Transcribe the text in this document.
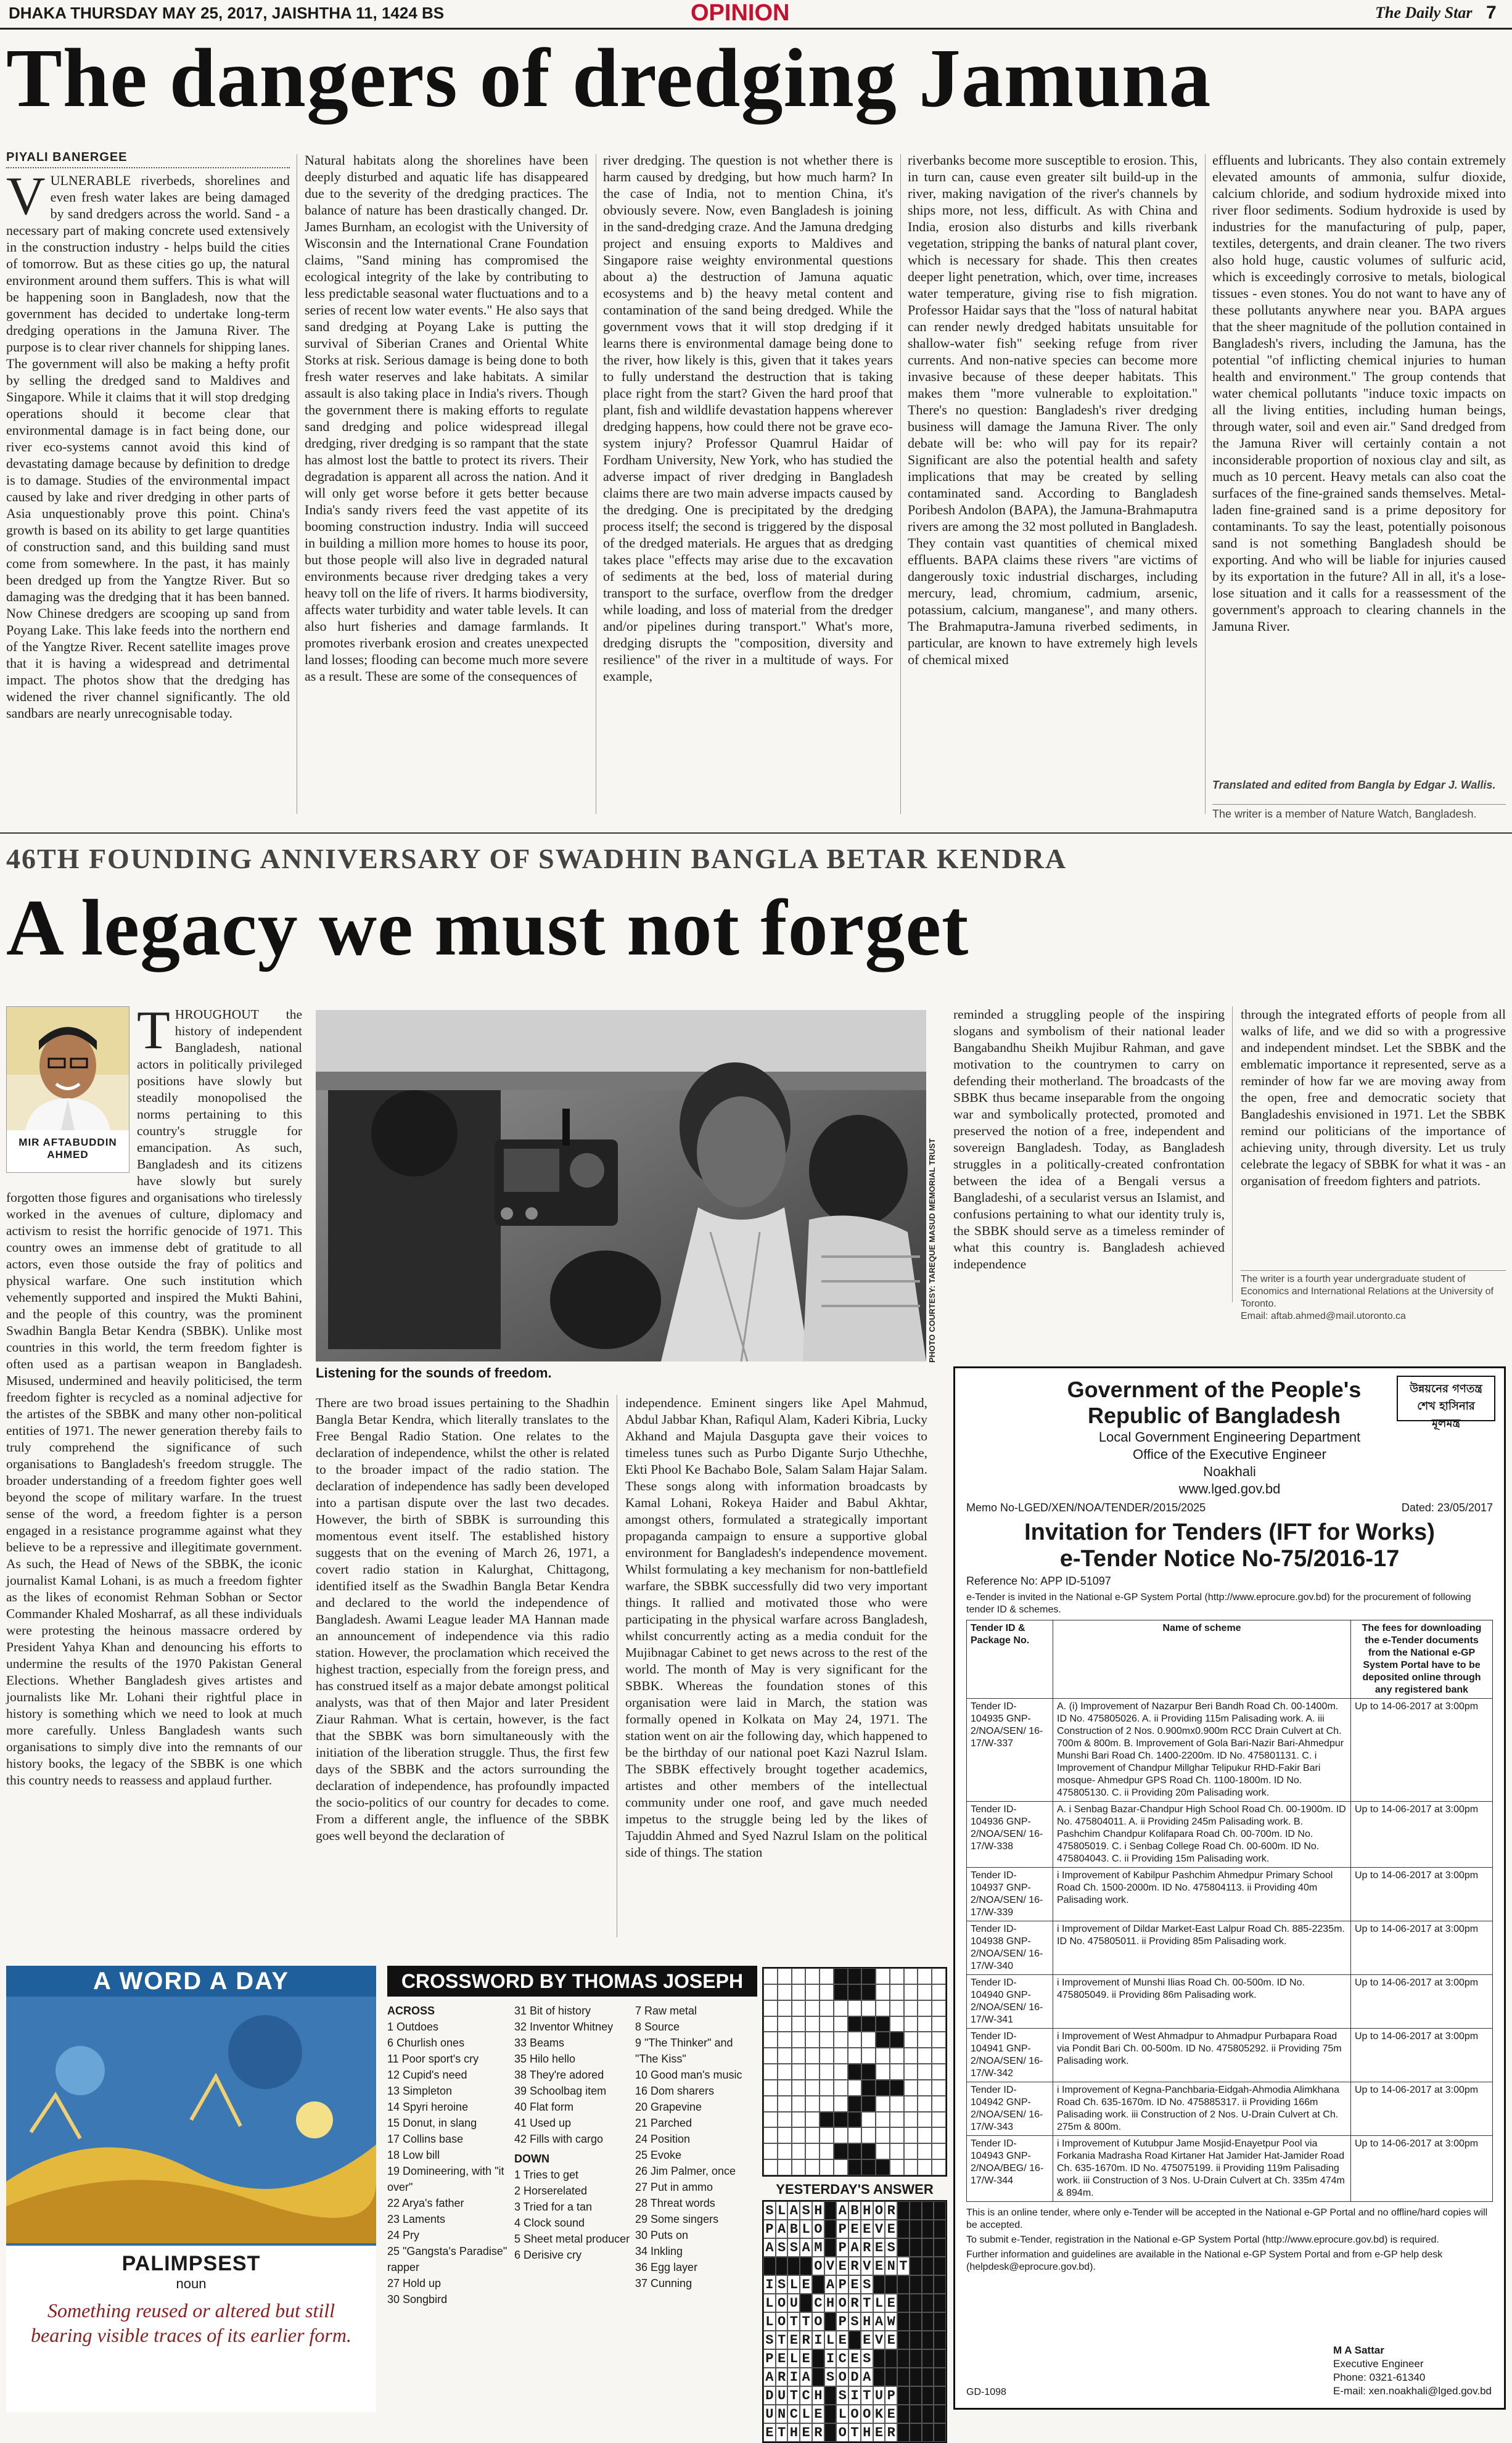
DHAKA THURSDAY MAY 25, 2017, JAISHTHA 11, 1424 BS	OPINION	The Daily Star 7
The dangers of dredging Jamuna
PIYALI BANERGEE
V ULNERABLE riverbeds, shorelines and even fresh water lakes are being damaged by sand dredgers across the world. Sand - a necessary part of making concrete used extensively in the construction industry - helps build the cities of tomorrow. But as these cities go up, the natural environment around them suffers. This is what will be happening soon in Bangladesh, now that the government has decided to undertake long-term dredging operations in the Jamuna River. The purpose is to clear river channels for shipping lanes. The government will also be making a hefty profit by selling the dredged sand to Maldives and Singapore. While it claims that it will stop dredging operations should it become clear that environmental damage is in fact being done, our river eco-systems cannot avoid this kind of devastating damage because by definition to dredge is to damage. Studies of the environmental impact caused by lake and river dredging in other parts of Asia unquestionably prove this point. China's growth is based on its ability to get large quantities of construction sand, and this building sand must come from somewhere. In the past, it has mainly been dredged up from the Yangtze River. But so damaging was the dredging that it has been banned. Now Chinese dredgers are scooping up sand from Poyang Lake. This lake feeds into the northern end of the Yangtze River. Recent satellite images prove that it is having a widespread and detrimental impact. The photos show that the dredging has widened the river channel significantly. The old sandbars are nearly unrecognisable today.
Natural habitats along the shorelines have been deeply disturbed and aquatic life has disappeared due to the severity of the dredging practices. The balance of nature has been drastically changed. Dr. James Burnham, an ecologist with the University of Wisconsin and the International Crane Foundation claims, "Sand mining has compromised the ecological integrity of the lake by contributing to less predictable seasonal water fluctuations and to a series of recent low water events." He also says that sand dredging at Poyang Lake is putting the survival of Siberian Cranes and Oriental White Storks at risk. Serious damage is being done to both fresh water reserves and lake habitats. A similar assault is also taking place in India's rivers. Though the government there is making efforts to regulate sand dredging and police widespread illegal dredging, river dredging is so rampant that the state has almost lost the battle to protect its rivers. Their degradation is apparent all across the nation. And it will only get worse before it gets better because India's sandy rivers feed the vast appetite of its booming construction industry. India will succeed in building a million more homes to house its poor, but those people will also live in degraded natural environments because river dredging takes a very heavy toll on the life of rivers. It harms biodiversity, affects water turbidity and water table levels. It can also hurt fisheries and damage farmlands. It promotes riverbank erosion and creates unexpected land losses; flooding can become much more severe as a result. These are some of the consequences of
river dredging. The question is not whether there is harm caused by dredging, but how much harm? In the case of India, not to mention China, it's obviously severe. Now, even Bangladesh is joining in the sand-dredging craze. And the Jamuna dredging project and ensuing exports to Maldives and Singapore raise weighty environmental questions about a) the destruction of Jamuna aquatic ecosystems and b) the heavy metal content and contamination of the sand being dredged. While the government vows that it will stop dredging if it learns there is environmental damage being done to the river, how likely is this, given that it takes years to fully understand the destruction that is taking place right from the start? Given the hard proof that plant, fish and wildlife devastation happens wherever dredging happens, how could there not be grave eco-system injury? Professor Quamrul Haidar of Fordham University, New York, who has studied the adverse impact of river dredging in Bangladesh claims there are two main adverse impacts caused by the dredging. One is precipitated by the dredging process itself; the second is triggered by the disposal of the dredged materials. He argues that as dredging takes place "effects may arise due to the excavation of sediments at the bed, loss of material during transport to the surface, overflow from the dredger while loading, and loss of material from the dredger and/or pipelines during transport." What's more, dredging disrupts the "composition, diversity and resilience" of the river in a multitude of ways. For example,
riverbanks become more susceptible to erosion. This, in turn can, cause even greater silt build-up in the river, making navigation of the river's channels by ships more, not less, difficult. As with China and India, erosion also disturbs and kills riverbank vegetation, stripping the banks of natural plant cover, which is necessary for shade. This then creates deeper light penetration, which, over time, increases water temperature, giving rise to fish migration. Professor Haidar says that the "loss of natural habitat can render newly dredged habitats unsuitable for shallow-water fish" seeking refuge from river currents. And non-native species can become more invasive because of these deeper habitats. This makes them "more vulnerable to exploitation." There's no question: Bangladesh's river dredging business will damage the Jamuna River. The only debate will be: who will pay for its repair? Significant are also the potential health and safety implications that may be created by selling contaminated sand. According to Bangladesh Poribesh Andolon (BAPA), the Jamuna-Brahmaputra rivers are among the 32 most polluted in Bangladesh. They contain vast quantities of chemical mixed effluents. BAPA claims these rivers "are victims of dangerously toxic industrial discharges, including mercury, lead, chromium, cadmium, arsenic, potassium, calcium, manganese", and many others. The Brahmaputra-Jamuna riverbed sediments, in particular, are known to have extremely high levels of chemical mixed
effluents and lubricants. They also contain extremely elevated amounts of ammonia, sulfur dioxide, calcium chloride, and sodium hydroxide mixed into river floor sediments. Sodium hydroxide is used by industries for the manufacturing of pulp, paper, textiles, detergents, and drain cleaner. The two rivers also hold huge, caustic volumes of sulfuric acid, which is exceedingly corrosive to metals, biological tissues - even stones. You do not want to have any of these pollutants anywhere near you. BAPA argues that the sheer magnitude of the pollution contained in Bangladesh's rivers, including the Jamuna, has the potential "of inflicting chemical injuries to human health and environment." The group contends that water chemical pollutants "induce toxic impacts on all the living entities, including human beings, through water, soil and even air." Sand dredged from the Jamuna River will certainly contain a not inconsiderable proportion of noxious clay and silt, as much as 10 percent. Heavy metals can also coat the surfaces of the fine-grained sands themselves. Metal-laden fine-grained sand is a prime depository for contaminants. To say the least, potentially poisonous sand is not something Bangladesh should be exporting. And who will be liable for injuries caused by its exportation in the future? All in all, it's a lose-lose situation and it calls for a reassessment of the government's approach to clearing channels in the Jamuna River.
Translated and edited from Bangla by Edgar J. Wallis.
The writer is a member of Nature Watch, Bangladesh.
46TH FOUNDING ANNIVERSARY OF SWADHIN BANGLA BETAR KENDRA
A legacy we must not forget
MIR AFTABUDDIN AHMED
THROUGHOUT the history of independent Bangladesh, national actors in politically privileged positions have slowly but steadily monopolised the norms pertaining to this country's struggle for emancipation. As such, Bangladesh and its citizens have slowly but surely forgotten those figures and organisations who tirelessly worked in the avenues of culture, diplomacy and activism to resist the horrific genocide of 1971. This country owes an immense debt of gratitude to all actors, even those outside the fray of politics and physical warfare. One such institution which vehemently supported and inspired the Mukti Bahini, and the people of this country, was the prominent Swadhin Bangla Betar Kendra (SBBK). Unlike most countries in this world, the term freedom fighter is often used as a partisan weapon in Bangladesh. Misused, undermined and heavily politicised, the term freedom fighter is recycled as a nominal adjective for the artistes of the SBBK and many other non-political entities of 1971. The newer generation thereby fails to truly comprehend the significance of such organisations to Bangladesh's freedom struggle. The broader understanding of a freedom fighter goes well beyond the scope of military warfare. In the truest sense of the word, a freedom fighter is a person engaged in a resistance programme against what they believe to be a repressive and illegitimate government. As such, the Head of News of the SBBK, the iconic journalist Kamal Lohani, is as much a freedom fighter as the likes of economist Rehman Sobhan or Sector Commander Khaled Mosharraf, as all these individuals were protesting the heinous massacre ordered by President Yahya Khan and denouncing his efforts to undermine the results of the 1970 Pakistan General Elections. Whether Bangladesh gives artistes and journalists like Mr. Lohani their rightful place in history is something which we need to look at much more carefully. Unless Bangladesh wants such organisations to simply dive into the remnants of our history books, the legacy of the SBBK is one which this country needs to reassess and applaud further.
PHOTO COURTESY: TAREQUE MASUD MEMORIAL TRUST
Listening for the sounds of freedom.
There are two broad issues pertaining to the Shadhin Bangla Betar Kendra, which literally translates to the Free Bengal Radio Station. One relates to the declaration of independence, whilst the other is related to the broader impact of the radio station. The declaration of independence has sadly been developed into a partisan dispute over the last two decades. However, the birth of SBBK is surrounding this momentous event itself. The established history suggests that on the evening of March 26, 1971, a covert radio station in Kalurghat, Chittagong, identified itself as the Swadhin Bangla Betar Kendra and declared to the world the independence of Bangladesh. Awami League leader MA Hannan made an announcement of independence via this radio station. However, the proclamation which received the highest traction, especially from the foreign press, and has construed itself as a major debate amongst political analysts, was that of then Major and later President Ziaur Rahman. What is certain, however, is the fact that the SBBK was born simultaneously with the initiation of the liberation struggle. Thus, the first few days of the SBBK and the actors surrounding the declaration of independence, has profoundly impacted the socio-politics of our country for decades to come. From a different angle, the influence of the SBBK goes well beyond the declaration of
independence. Eminent singers like Apel Mahmud, Abdul Jabbar Khan, Rafiqul Alam, Kaderi Kibria, Lucky Akhand and Majula Dasgupta gave their voices to timeless tunes such as Purbo Digante Surjo Uthechhe, Ekti Phool Ke Bachabo Bole, Salam Salam Hajar Salam. These songs along with information broadcasts by Kamal Lohani, Rokeya Haider and Babul Akhtar, amongst others, formulated a strategically important propaganda campaign to ensure a supportive global environment for Bangladesh's independence movement. Whilst formulating a key mechanism for non-battlefield warfare, the SBBK successfully did two very important things. It rallied and motivated those who were participating in the physical warfare across Bangladesh, whilst concurrently acting as a media conduit for the Mujibnagar Cabinet to get news across to the rest of the world. The month of May is very significant for the SBBK. Whereas the foundation stones of this organisation were laid in March, the station was formally opened in Kolkata on May 24, 1971. The station went on air the following day, which happened to be the birthday of our national poet Kazi Nazrul Islam. The SBBK effectively brought together academics, artistes and other members of the intellectual community under one roof, and gave much needed impetus to the struggle being led by the likes of Tajuddin Ahmed and Syed Nazrul Islam on the political side of things. The station
reminded a struggling people of the inspiring slogans and symbolism of their national leader Bangabandhu Sheikh Mujibur Rahman, and gave motivation to the countrymen to carry on defending their motherland. The broadcasts of the SBBK thus became inseparable from the ongoing war and symbolically protected, promoted and preserved the notion of a free, independent and sovereign Bangladesh. Today, as Bangladesh struggles in a politically-created confrontation between the idea of a Bengali versus a Bangladeshi, of a secularist versus an Islamist, and confusions pertaining to what our identity truly is, the SBBK should serve as a timeless reminder of what this country is. Bangladesh achieved independence
through the integrated efforts of people from all walks of life, and we did so with a progressive and independent mindset. Let the SBBK and the emblematic importance it represented, serve as a reminder of how far we are moving away from the open, free and democratic society that Bangladeshis envisioned in 1971. Let the SBBK remind our politicians of the importance of achieving unity, through diversity. Let us truly celebrate the legacy of SBBK for what it was - an organisation of freedom fighters and patriots.
The writer is a fourth year undergraduate student of Economics and International Relations at the University of Toronto.
Email: aftab.ahmed@mail.utoronto.ca
উন্নয়নের গণতন্ত্র শেখ হাসিনার মূলমন্ত্র
Government of the People's Republic of Bangladesh
Local Government Engineering Department
Office of the Executive Engineer
Noakhali
www.lged.gov.bd
Memo No-LGED/XEN/NOA/TENDER/2015/2025	Dated: 23/05/2017
Invitation for Tenders (IFT for Works)
e-Tender Notice No-75/2016-17
Reference No: APP ID-51097
e-Tender is invited in the National e-GP System Portal (http://www.eprocure.gov.bd) for the procurement of following tender ID & schemes.
Tender ID & Package No.	Name of scheme	The fees for downloading the e-Tender documents from the National e-GP System Portal have to be deposited online through any registered bank
Tender ID-104935 GNP-2/NOA/SEN/ 16-17/W-337	A. (i) Improvement of Nazarpur Beri Bandh Road Ch. 00-1400m. ID No. 475805026. A. ii Providing 115m Palisading work. A. iii Construction of 2 Nos. 0.900mx0.900m RCC Drain Culvert at Ch. 700m & 800m. B. Improvement of Gola Bari-Nazir Bari-Ahmedpur Munshi Bari Road Ch. 1400-2200m. ID No. 475801131. C. i Improvement of Chandpur Millghar Telipukur RHD-Fakir Bari mosque- Ahmedpur GPS Road Ch. 1100-1800m. ID No. 475805130. C. ii Providing 20m Palisading work.	Up to 14-06-2017 at 3:00pm
Tender ID-104936 GNP-2/NOA/SEN/ 16-17/W-338	A. i Senbag Bazar-Chandpur High School Road Ch. 00-1900m. ID No. 475804011. A. ii Providing 245m Palisading work. B. Pashchim Chandpur Kolifapara Road Ch. 00-700m. ID No. 475805019. C. i Senbag College Road Ch. 00-600m. ID No. 475804043. C. ii Providing 15m Palisading work.	Up to 14-06-2017 at 3:00pm
Tender ID-104937 GNP-2/NOA/SEN/ 16-17/W-339	i Improvement of Kabilpur Pashchim Ahmedpur Primary School Road Ch. 1500-2000m. ID No. 475804113. ii Providing 40m Palisading work.	Up to 14-06-2017 at 3:00pm
Tender ID-104938 GNP-2/NOA/SEN/ 16-17/W-340	i Improvement of Dildar Market-East Lalpur Road Ch. 885-2235m. ID No. 475805011. ii Providing 85m Palisading work.	Up to 14-06-2017 at 3:00pm
Tender ID-104940 GNP-2/NOA/SEN/ 16-17/W-341	i Improvement of Munshi Ilias Road Ch. 00-500m. ID No. 475805049. ii Providing 86m Palisading work.	Up to 14-06-2017 at 3:00pm
Tender ID-104941 GNP-2/NOA/SEN/ 16-17/W-342	i Improvement of West Ahmadpur to Ahmadpur Purbapara Road via Pondit Bari Ch. 00-500m. ID No. 475805292. ii Providing 75m Palisading work.	Up to 14-06-2017 at 3:00pm
Tender ID-104942 GNP-2/NOA/SEN/ 16-17/W-343	i Improvement of Kegna-Panchbaria-Eidgah-Ahmodia Alimkhana Road Ch. 635-1670m. ID No. 475885317. ii Providing 166m Palisading work. iii Construction of 2 Nos. U-Drain Culvert at Ch. 275m & 800m.	Up to 14-06-2017 at 3:00pm
Tender ID-104943 GNP-2/NOA/BEG/ 16-17/W-344	i Improvement of Kutubpur Jame Mosjid-Enayetpur Pool via Forkania Madrasha Road Kirtaner Hat Jamider Hat-Jamider Road Ch. 635-1670m. ID No. 475075199. ii Providing 119m Palisading work. iii Construction of 3 Nos. U-Drain Culvert at Ch. 335m 474m & 894m.	Up to 14-06-2017 at 3:00pm
This is an online tender, where only e-Tender will be accepted in the National e-GP Portal and no offline/hard copies will be accepted.
To submit e-Tender, registration in the National e-GP System Portal (http://www.eprocure.gov.bd) is required.
Further information and guidelines are available in the National e-GP System Portal and from e-GP help desk (helpdesk@eprocure.gov.bd).
M A Sattar
Executive Engineer
Phone: 0321-61340
E-mail: xen.noakhali@lged.gov.bd
GD-1098
A WORD A DAY
PALIMPSEST
noun
Something reused or altered but still bearing visible traces of its earlier form.
CROSSWORD BY THOMAS JOSEPH
ACROSS
1 Outdoes
6 Churlish ones
11 Poor sport's cry
12 Cupid's need
13 Simpleton
14 Spyri heroine
15 Donut, in slang
17 Collins base
18 Low bill
19 Domineering, with "it over"
22 Arya's father
23 Laments
24 Pry
25 "Gangsta's Paradise" rapper
27 Hold up
30 Songbird
31 Bit of history
32 Inventor Whitney
33 Beams
35 Hilo hello
38 They're adored
39 Schoolbag item
40 Flat form
41 Used up
42 Fills with cargo
DOWN
1 Tries to get
2 Horserelated
3 Tried for a tan
4 Clock sound
5 Sheet metal producer
6 Derisive cry
7 Raw metal
8 Source
9 "The Thinker" and "The Kiss"
10 Good man's music
16 Dom sharers
20 Grapevine
21 Parched
24 Position
25 Evoke
26 Jim Palmer, once
27 Put in ammo
28 Threat words
29 Some singers
30 Puts on
34 Inkling
36 Egg layer
37 Cunning
YESTERDAY'S ANSWER
S L A S H A B H O R
P A B L O P E E V E
A S S A M P A R E S
O V E R V E N T
I S L E A P E S
L O U C H O R T L E
L O T T O P S H A W
S T E R I L E E V E
P E L E I C E S
A R I A S O D A
D U T C H S I T U P
U N C L E L O O K E
E T H E R O T H E R
